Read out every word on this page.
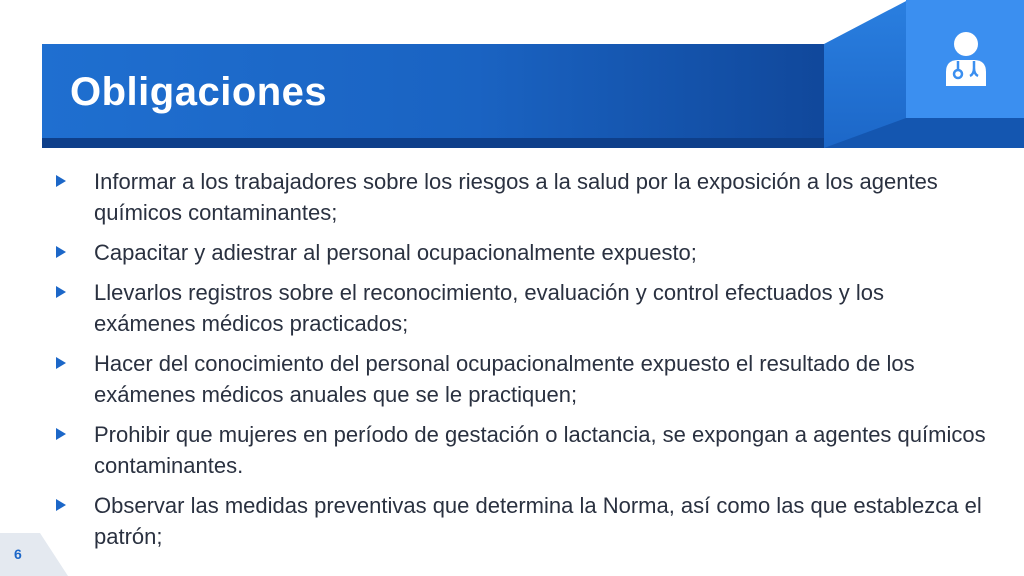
Obligaciones
Informar a los trabajadores sobre los riesgos a la salud por la exposición a los agentes químicos contaminantes;
Capacitar y adiestrar al personal ocupacionalmente expuesto;
Llevarlos registros sobre el reconocimiento, evaluación y control efectuados y los exámenes médicos practicados;
Hacer del conocimiento del personal ocupacionalmente expuesto el resultado de los exámenes médicos anuales que se le practiquen;
Prohibir que mujeres en período de gestación o lactancia, se expongan a agentes químicos contaminantes.
Observar las medidas preventivas que determina la Norma, así como las que establezca el patrón;
6
